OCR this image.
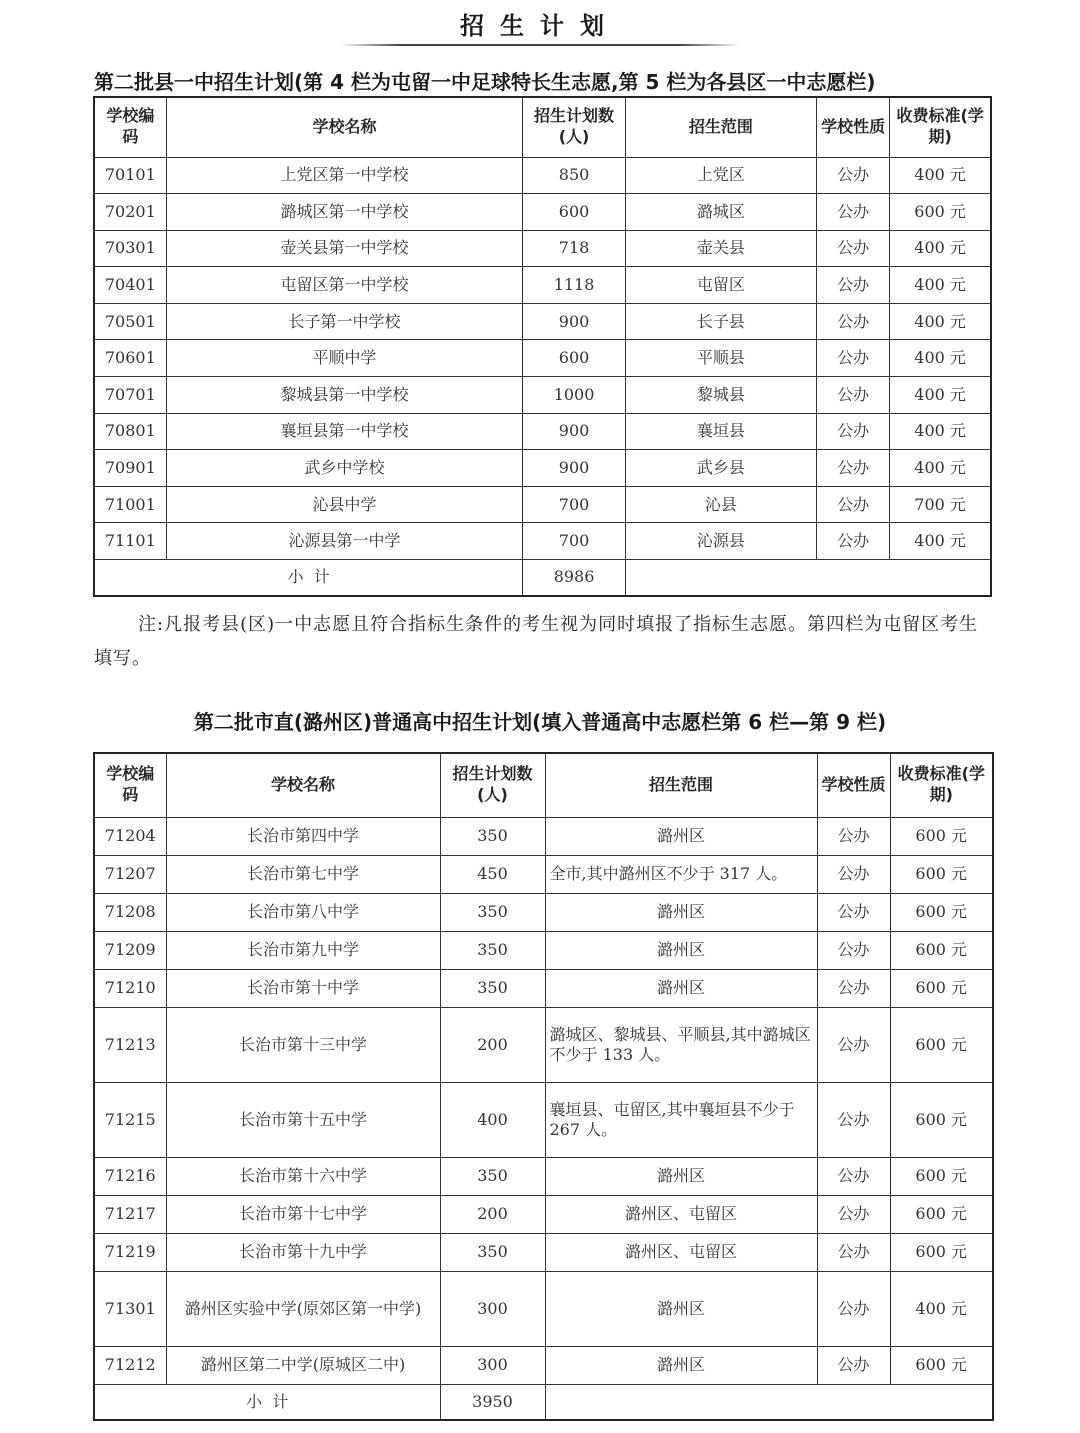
招生计划
第二批县一中招生计划(第 4 栏为屯留一中足球特长生志愿,第 5 栏为各县区一中志愿栏)
学校编码	学校名称	招生计划数(人)	招生范围	学校性质	收费标准(学期)
70101	上党区第一中学校	850	上党区	公办	400 元
70201	潞城区第一中学校	600	潞城区	公办	600 元
70301	壶关县第一中学校	718	壶关县	公办	400 元
70401	屯留区第一中学校	1118	屯留区	公办	400 元
70501	长子第一中学校	900	长子县	公办	400 元
70601	平顺中学	600	平顺县	公办	400 元
70701	黎城县第一中学校	1000	黎城县	公办	400 元
70801	襄垣县第一中学校	900	襄垣县	公办	400 元
70901	武乡中学校	900	武乡县	公办	400 元
71001	沁县中学	700	沁县	公办	700 元
71101	沁源县第一中学	700	沁源县	公办	400 元
小  计		8986			
注:凡报考县(区)一中志愿且符合指标生条件的考生视为同时填报了指标生志愿。第四栏为屯留区考生填写。
第二批市直(潞州区)普通高中招生计划(填入普通高中志愿栏第 6 栏—第 9 栏)
学校编码	学校名称	招生计划数(人)	招生范围	学校性质	收费标准(学期)
71204	长治市第四中学	350	潞州区	公办	600 元
71207	长治市第七中学	450	全市,其中潞州区不少于 317 人。	公办	600 元
71208	长治市第八中学	350	潞州区	公办	600 元
71209	长治市第九中学	350	潞州区	公办	600 元
71210	长治市第十中学	350	潞州区	公办	600 元
71213	长治市第十三中学	200	潞城区、黎城县、平顺县,其中潞城区不少于 133 人。	公办	600 元
71215	长治市第十五中学	400	襄垣县、屯留区,其中襄垣县不少于 267 人。	公办	600 元
71216	长治市第十六中学	350	潞州区	公办	600 元
71217	长治市第十七中学	200	潞州区、屯留区	公办	600 元
71219	长治市第十九中学	350	潞州区、屯留区	公办	600 元
71301	潞州区实验中学(原郊区第一中学)	300	潞州区	公办	400 元
71212	潞州区第二中学(原城区二中)	300	潞州区	公办	600 元
小  计		3950			
